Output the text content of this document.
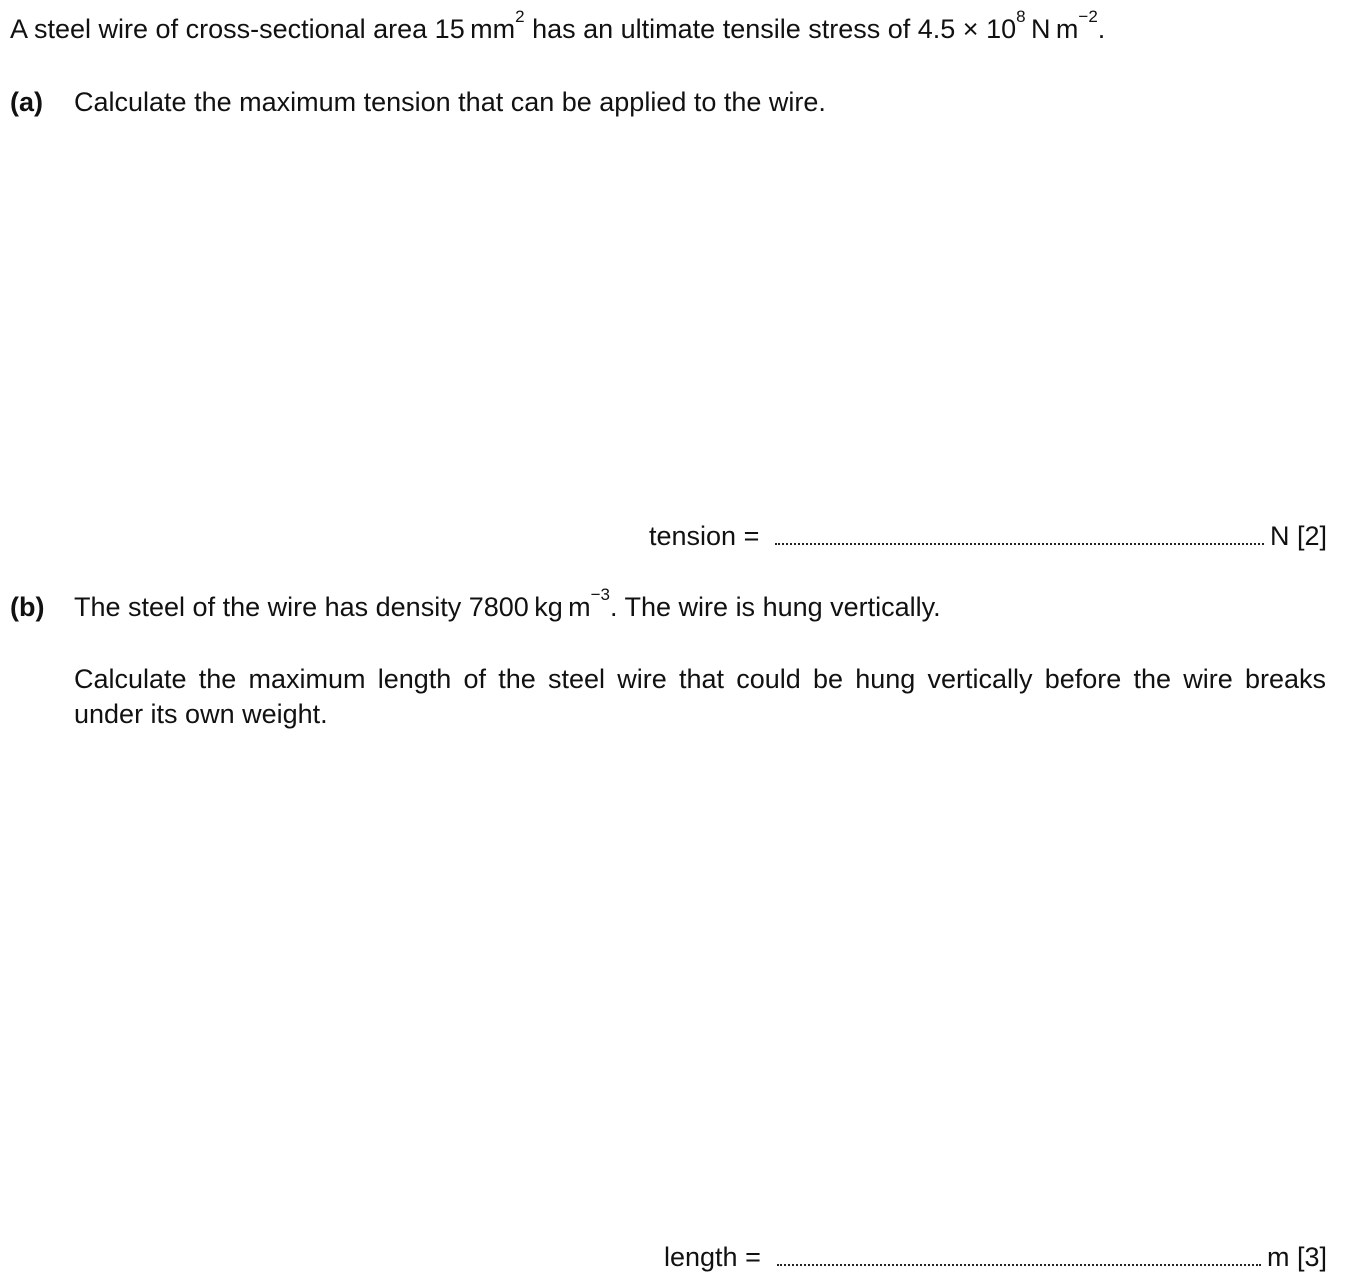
A steel wire of cross-sectional area 15  $mm^2$ has an ultimate tensile stress of $4.5 \times 10^8$  N  $m^{-2}$.
(a) Calculate the maximum tension that can be applied to the wire.
tension =	N [2]
(b) The steel of the wire has density 7800  kg  $m^{-3}$. The wire is hung vertically.
Calculate the maximum length of the steel wire that could be hung vertically before the wire breaks under its own weight.
length =	m [3]
